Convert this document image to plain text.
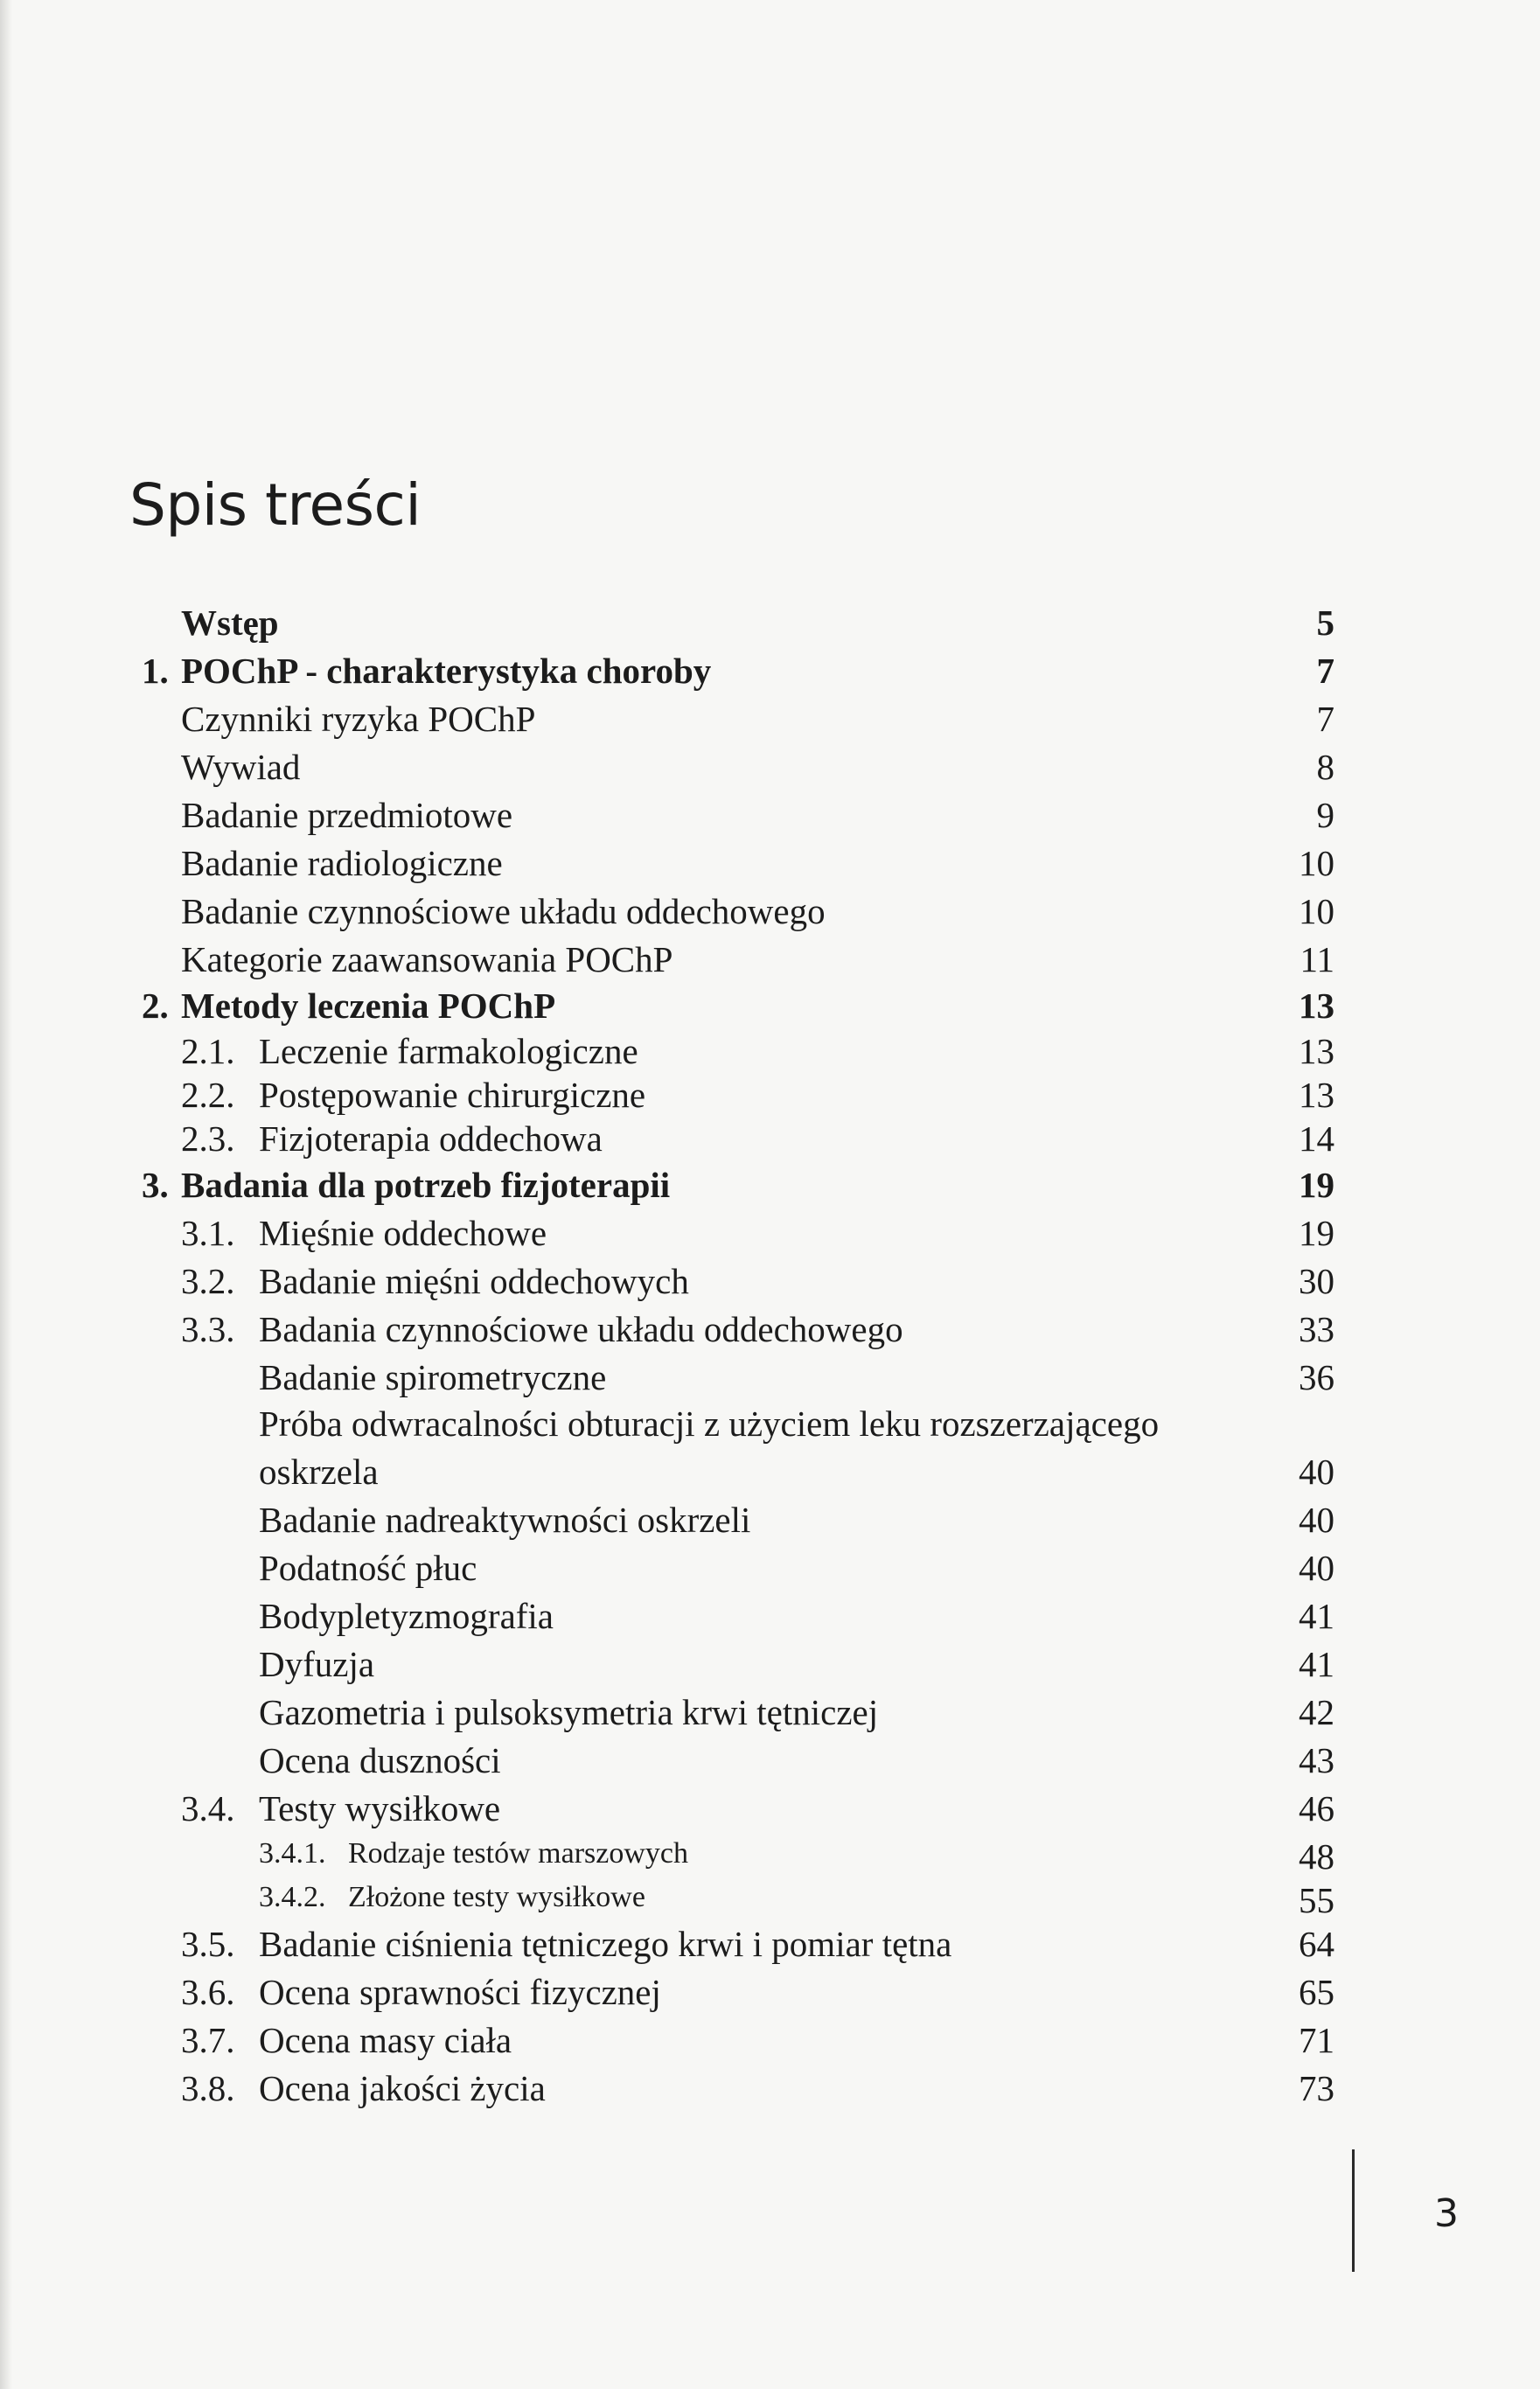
Spis treści
Wstęp	5
1. POChP - charakterystyka choroby	7
Czynniki ryzyka POChP	7
Wywiad	8
Badanie przedmiotowe	9
Badanie radiologiczne	10
Badanie czynnościowe układu oddechowego	10
Kategorie zaawansowania POChP	11
2. Metody leczenia POChP	13
2.1. Leczenie farmakologiczne	13
2.2. Postępowanie chirurgiczne	13
2.3. Fizjoterapia oddechowa	14
3. Badania dla potrzeb fizjoterapii	19
3.1. Mięśnie oddechowe	19
3.2. Badanie mięśni oddechowych	30
3.3. Badania czynnościowe układu oddechowego	33
Badanie spirometryczne	36
Próba odwracalności obturacji z użyciem leku rozszerzającego
oskrzela	40
Badanie nadreaktywności oskrzeli	40
Podatność płuc	40
Bodypletyzmografia	41
Dyfuzja	41
Gazometria i pulsoksymetria krwi tętniczej	42
Ocena duszności	43
3.4. Testy wysiłkowe	46
3.4.1. Rodzaje testów marszowych	48
3.4.2. Złożone testy wysiłkowe	55
3.5. Badanie ciśnienia tętniczego krwi i pomiar tętna	64
3.6. Ocena sprawności fizycznej	65
3.7. Ocena masy ciała	71
3.8. Ocena jakości życia	73
3
